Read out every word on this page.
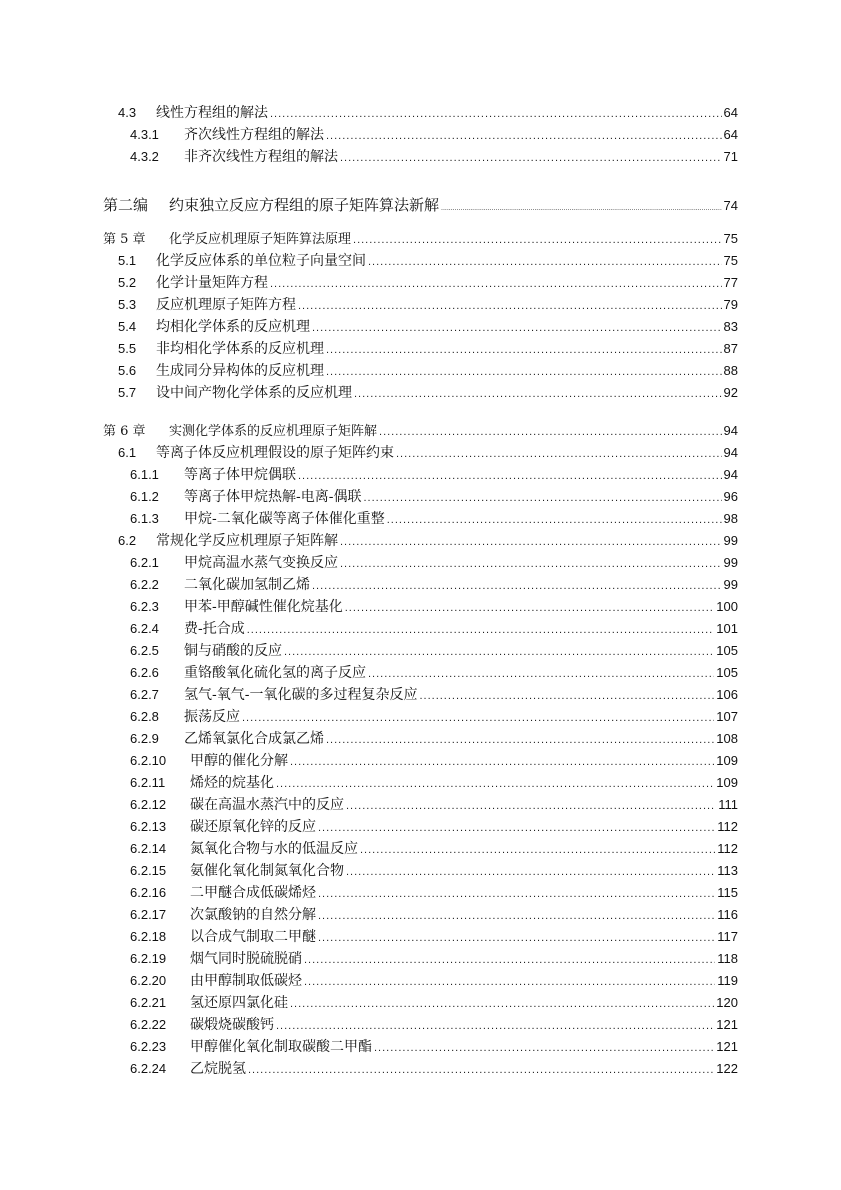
4.3	线性方程组的解法 .....	64
4.3.1	齐次线性方程组的解法 .....	64
4.3.2	非齐次线性方程组的解法 .....	71
第二编	约束独立反应方程组的原子矩阵算法新解 .....	74
第 5 章	化学反应机理原子矩阵算法原理 .....	75
5.1	化学反应体系的单位粒子向量空间 .....	75
5.2	化学计量矩阵方程 .....	77
5.3	反应机理原子矩阵方程 .....	79
5.4	均相化学体系的反应机理 .....	83
5.5	非均相化学体系的反应机理 .....	87
5.6	生成同分异构体的反应机理 .....	88
5.7	设中间产物化学体系的反应机理 .....	92
第 6 章	实测化学体系的反应机理原子矩阵解 .....	94
6.1	等离子体反应机理假设的原子矩阵约束 .....	94
6.1.1	等离子体甲烷偶联 .....	94
6.1.2	等离子体甲烷热解-电离-偶联 .....	96
6.1.3	甲烷-二氧化碳等离子体催化重整 .....	98
6.2	常规化学反应机理原子矩阵解 .....	99
6.2.1	甲烷高温水蒸气变换反应 .....	99
6.2.2	二氧化碳加氢制乙烯 .....	99
6.2.3	甲苯-甲醇碱性催化烷基化 .....	100
6.2.4	费-托合成 .....	101
6.2.5	铜与硝酸的反应 .....	105
6.2.6	重铬酸氧化硫化氢的离子反应 .....	105
6.2.7	氢气-氧气-一氧化碳的多过程复杂反应 .....	106
6.2.8	振荡反应 .....	107
6.2.9	乙烯氧氯化合成氯乙烯 .....	108
6.2.10	甲醇的催化分解 .....	109
6.2.11	烯烃的烷基化 .....	109
6.2.12	碳在高温水蒸汽中的反应 .....	111
6.2.13	碳还原氧化锌的反应 .....	112
6.2.14	氮氧化合物与水的低温反应 .....	112
6.2.15	氨催化氧化制氮氧化合物 .....	113
6.2.16	二甲醚合成低碳烯烃 .....	115
6.2.17	次氯酸钠的自然分解 .....	116
6.2.18	以合成气制取二甲醚 .....	117
6.2.19	烟气同时脱硫脱硝 .....	118
6.2.20	由甲醇制取低碳烃 .....	119
6.2.21	氢还原四氯化硅 .....	120
6.2.22	碳煅烧碳酸钙 .....	121
6.2.23	甲醇催化氧化制取碳酸二甲酯 .....	121
6.2.24	乙烷脱氢 .....	122
